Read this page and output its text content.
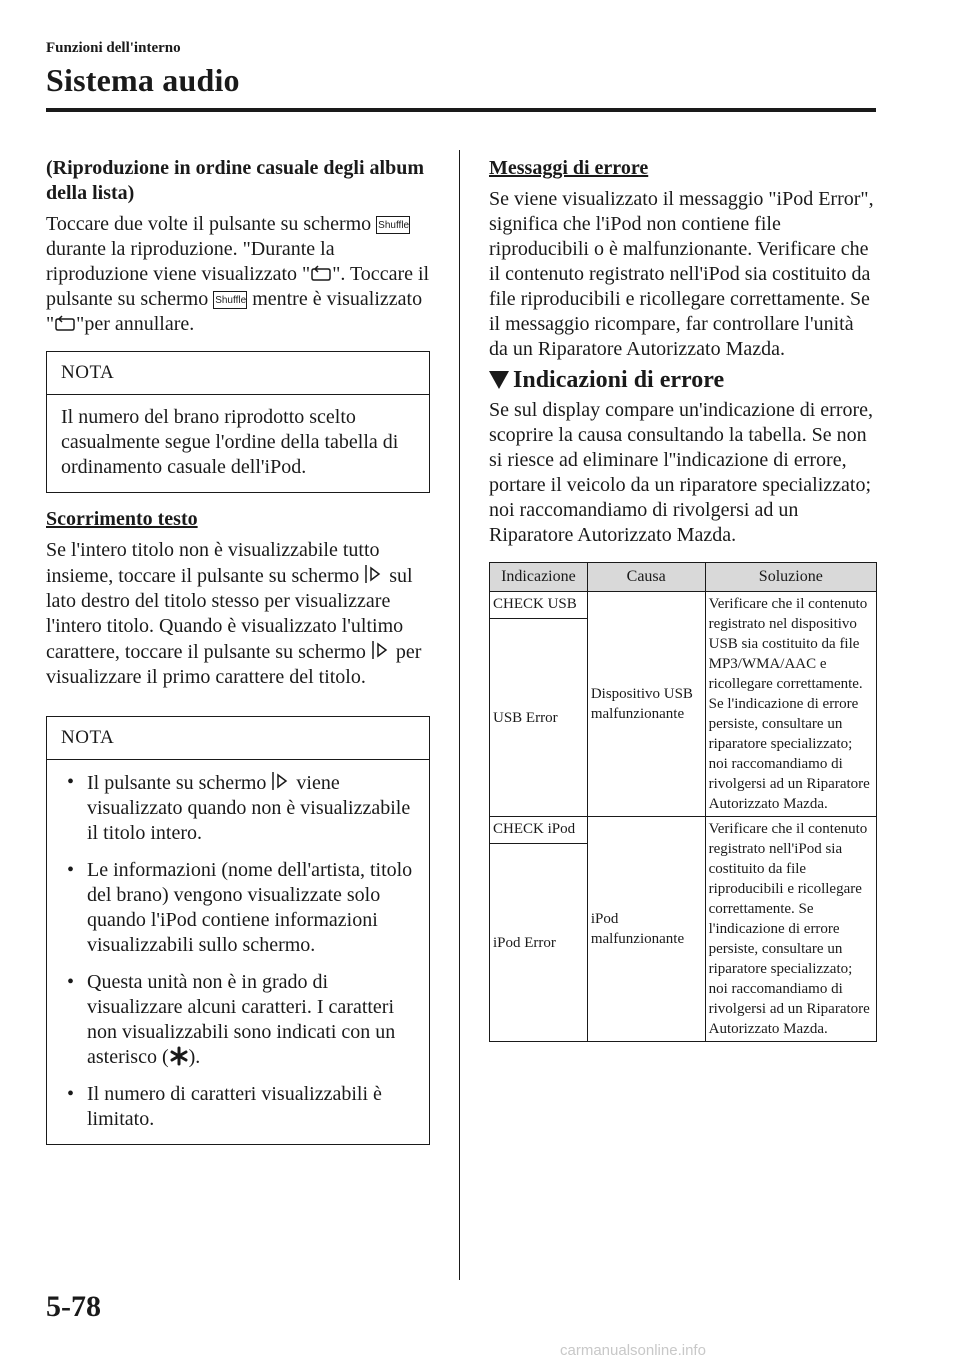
Funzioni dell'interno
Sistema audio
(Riproduzione in ordine casuale degli album della lista)

Toccare due volte il pulsante su schermo Shuffle durante la riproduzione. "Durante la riproduzione viene visualizzato " ". Toccare il pulsante su schermo Shuffle mentre è visualizzato " "per annullare.

NOTA
Il numero del brano riprodotto scelto casualmente segue l'ordine della tabella di ordinamento casuale dell'iPod.
Scorrimento testo

Se l'intero titolo non è visualizzabile tutto insieme, toccare il pulsante su schermo  sul lato destro del titolo stesso per visualizzare l'intero titolo. Quando è visualizzato l'ultimo carattere, toccare il pulsante su schermo  per visualizzare il primo carattere del titolo.

NOTA
• Il pulsante su schermo  viene visualizzato quando non è visualizzabile il titolo intero.
• Le informazioni (nome dell'artista, titolo del brano) vengono visualizzate solo quando l'iPod contiene informazioni visualizzabili sullo schermo.
• Questa unità non è in grado di visualizzare alcuni caratteri. I caratteri non visualizzabili sono indicati con un asterisco ( ).
• Il numero di caratteri visualizzabili è limitato.
Messaggi di errore

Se viene visualizzato il messaggio "iPod Error", significa che l'iPod non contiene file riproducibili o è malfunzionante. Verificare che il contenuto registrato nell'iPod sia costituito da file riproducibili e ricollegare correttamente. Se il messaggio ricompare, far controllare l'unità da un Riparatore Autorizzato Mazda.

Indicazioni di errore

Se sul display compare un'indicazione di errore, scoprire la causa consultando la tabella. Se non si riesce ad eliminare l''indicazione di errore, portare il veicolo da un riparatore specializzato; noi raccomandiamo di rivolgersi ad un Riparatore Autorizzato Mazda.

Indicazione	Causa	Soluzione
CHECK USB	Dispositivo USB malfunzionante	Verificare che il contenuto registrato nel dispositivo USB sia costituito da file MP3/WMA/AAC e ricollegare correttamente. Se l'indicazione di errore persiste, consultare un riparatore specializzato; noi raccomandiamo di rivolgersi ad un Riparatore Autorizzato Mazda.
USB Error		
CHECK iPod	iPod malfunzionante	Verificare che il contenuto registrato nell'iPod sia costituito da file riproducibili e ricollegare correttamente. Se l'indicazione di errore persiste, consultare un riparatore specializzato; noi raccomandiamo di rivolgersi ad un Riparatore Autorizzato Mazda.
iPod Error		
5-78
carmanualsonline.info
